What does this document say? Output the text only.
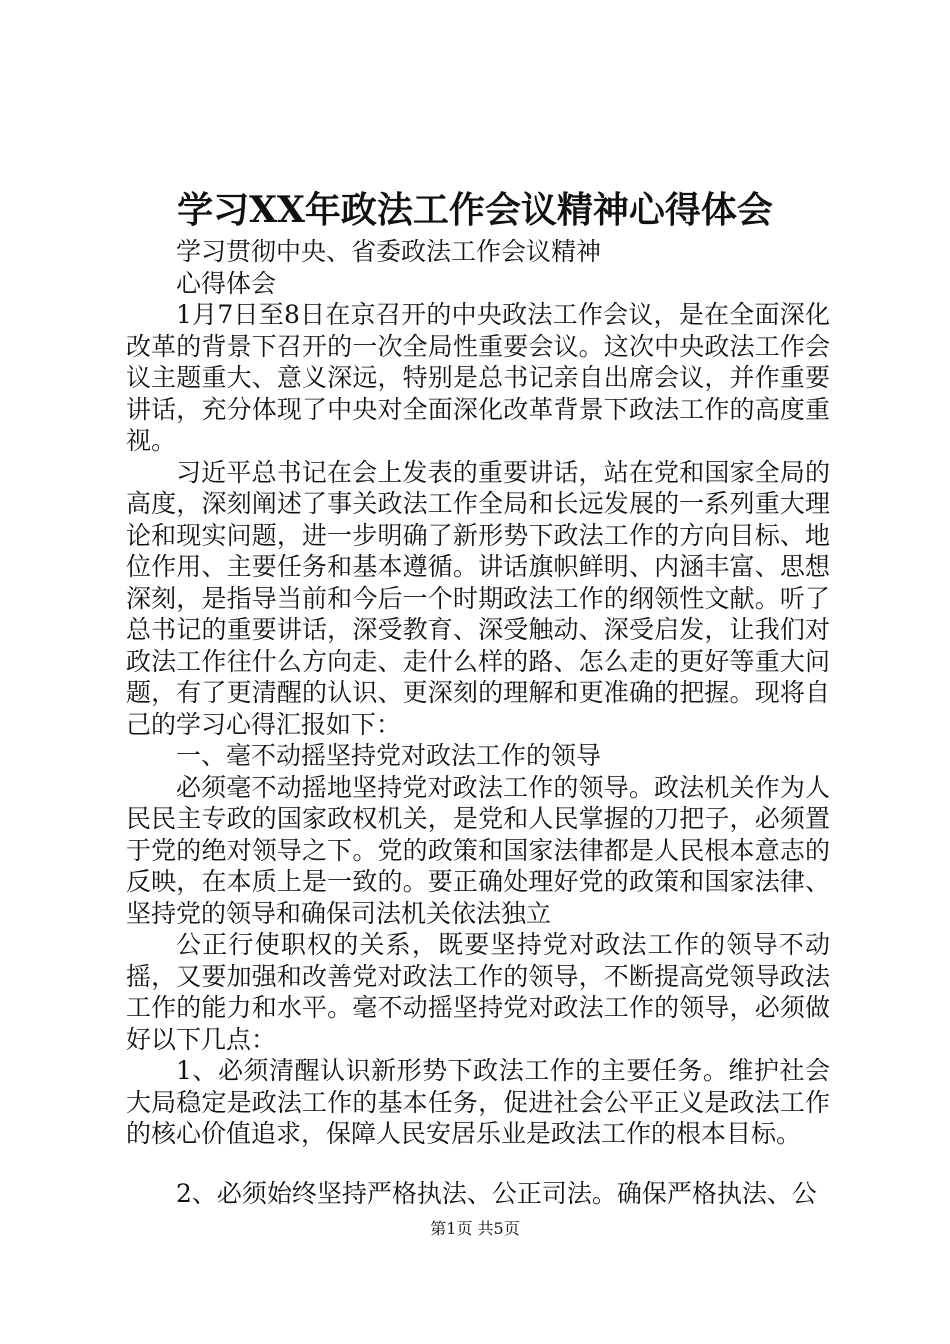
学习XX年政法工作会议精神心得体会

学习贯彻中央、省委政法工作会议精神

心得体会

1月7日至8日在京召开的中央政法工作会议，是在全面深化改革的背景下召开的一次全局性重要会议。这次中央政法工作会议主题重大、意义深远，特别是总书记亲自出席会议，并作重要讲话，充分体现了中央对全面深化改革背景下政法工作的高度重视。

习近平总书记在会上发表的重要讲话，站在党和国家全局的高度，深刻阐述了事关政法工作全局和长远发展的一系列重大理论和现实问题，进一步明确了新形势下政法工作的方向目标、地位作用、主要任务和基本遵循。讲话旗帜鲜明、内涵丰富、思想深刻，是指导当前和今后一个时期政法工作的纲领性文献。听了总书记的重要讲话，深受教育、深受触动、深受启发，让我们对政法工作往什么方向走、走什么样的路、怎么走的更好等重大问题，有了更清醒的认识、更深刻的理解和更准确的把握。现将自己的学习心得汇报如下：

一、毫不动摇坚持党对政法工作的领导

必须毫不动摇地坚持党对政法工作的领导。政法机关作为人民民主专政的国家政权机关，是党和人民掌握的刀把子，必须置于党的绝对领导之下。党的政策和国家法律都是人民根本意志的反映，在本质上是一致的。要正确处理好党的政策和国家法律、坚持党的领导和确保司法机关依法独立

公正行使职权的关系，既要坚持党对政法工作的领导不动摇，又要加强和改善党对政法工作的领导，不断提高党领导政法工作的能力和水平。毫不动摇坚持党对政法工作的领导，必须做好以下几点：

1、必须清醒认识新形势下政法工作的主要任务。维护社会大局稳定是政法工作的基本任务，促进社会公平正义是政法工作的核心价值追求，保障人民安居乐业是政法工作的根本目标。

2、必须始终坚持严格执法、公正司法。确保严格执法、公

第1页 共5页
